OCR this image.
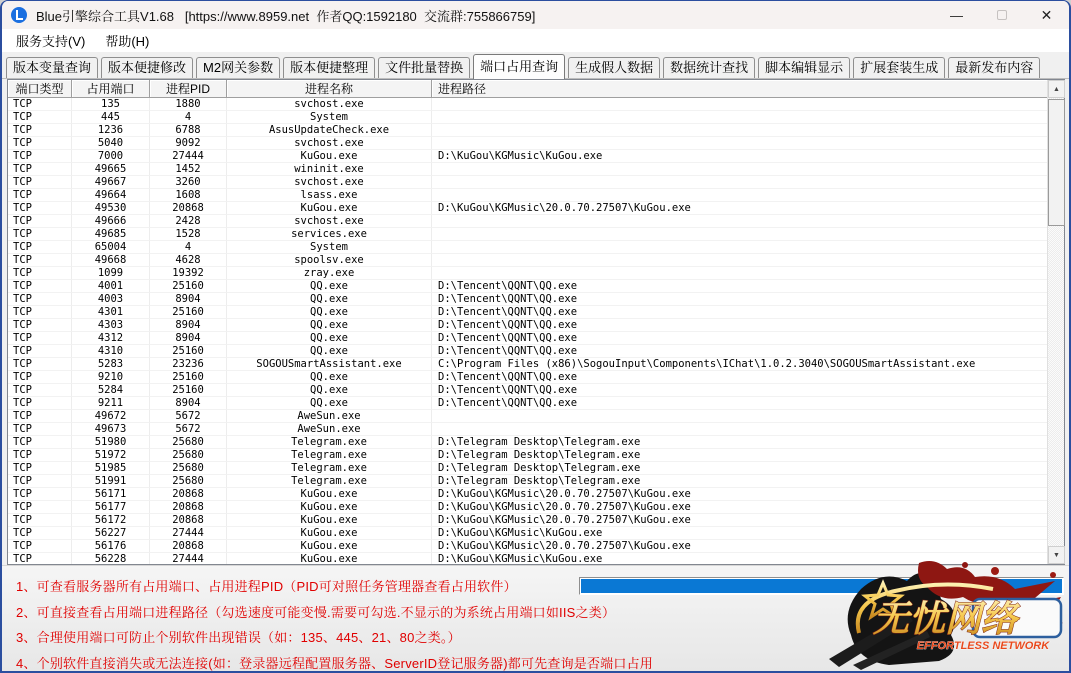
Blue引擎综合工具V1.68   [https://www.8959.net  作者QQ:1592180  交流群:755866759]	—	✕
服务支持(V)	帮助(H)
版本变量查询	版本便捷修改	M2网关参数	版本便捷整理	文件批量替换	端口占用查询	生成假人数据	数据统计查找	脚本编辑显示	扩展套装生成	最新发布内容
端口类型	占用端口	进程PID	进程名称	进程路径
TCP	135	1880	svchost.exe
TCP	445	4	System
TCP	1236	6788	AsusUpdateCheck.exe
TCP	5040	9092	svchost.exe
TCP	7000	27444	KuGou.exe	D:\KuGou\KGMusic\KuGou.exe
TCP	49665	1452	wininit.exe
TCP	49667	3260	svchost.exe
TCP	49664	1608	lsass.exe
TCP	49530	20868	KuGou.exe	D:\KuGou\KGMusic\20.0.70.27507\KuGou.exe
TCP	49666	2428	svchost.exe
TCP	49685	1528	services.exe
TCP	65004	4	System
TCP	49668	4628	spoolsv.exe
TCP	1099	19392	zray.exe
TCP	4001	25160	QQ.exe	D:\Tencent\QQNT\QQ.exe
TCP	4003	8904	QQ.exe	D:\Tencent\QQNT\QQ.exe
TCP	4301	25160	QQ.exe	D:\Tencent\QQNT\QQ.exe
TCP	4303	8904	QQ.exe	D:\Tencent\QQNT\QQ.exe
TCP	4312	8904	QQ.exe	D:\Tencent\QQNT\QQ.exe
TCP	4310	25160	QQ.exe	D:\Tencent\QQNT\QQ.exe
TCP	5283	23236	SOGOUSmartAssistant.exe	C:\Program Files (x86)\SogouInput\Components\IChat\1.0.2.3040\SOGOUSmartAssistant.exe
TCP	9210	25160	QQ.exe	D:\Tencent\QQNT\QQ.exe
TCP	5284	25160	QQ.exe	D:\Tencent\QQNT\QQ.exe
TCP	9211	8904	QQ.exe	D:\Tencent\QQNT\QQ.exe
TCP	49672	5672	AweSun.exe
TCP	49673	5672	AweSun.exe
TCP	51980	25680	Telegram.exe	D:\Telegram Desktop\Telegram.exe
TCP	51972	25680	Telegram.exe	D:\Telegram Desktop\Telegram.exe
TCP	51985	25680	Telegram.exe	D:\Telegram Desktop\Telegram.exe
TCP	51991	25680	Telegram.exe	D:\Telegram Desktop\Telegram.exe
TCP	56171	20868	KuGou.exe	D:\KuGou\KGMusic\20.0.70.27507\KuGou.exe
TCP	56177	20868	KuGou.exe	D:\KuGou\KGMusic\20.0.70.27507\KuGou.exe
TCP	56172	20868	KuGou.exe	D:\KuGou\KGMusic\20.0.70.27507\KuGou.exe
TCP	56227	27444	KuGou.exe	D:\KuGou\KGMusic\KuGou.exe
TCP	56176	20868	KuGou.exe	D:\KuGou\KGMusic\20.0.70.27507\KuGou.exe
TCP	56228	27444	KuGou.exe	D:\KuGou\KGMusic\KuGou.exe
▲
▼
1、可查看服务器所有占用端口、占用进程PID（PID可对照任务管理器查看占用软件）
2、可直接查看占用端口进程路径（勾选速度可能变慢.需要可勾选.不显示的为系统占用端口如IIS之类）
3、合理使用端口可防止个别软件出现错误（如：135、445、21、80之类。）
4、个别软件直接消失或无法连接(如：登录器远程配置服务器、ServerID登记服务器)都可先查询是否端口占用
无忧网络
EFFORTLESS NETWORK
